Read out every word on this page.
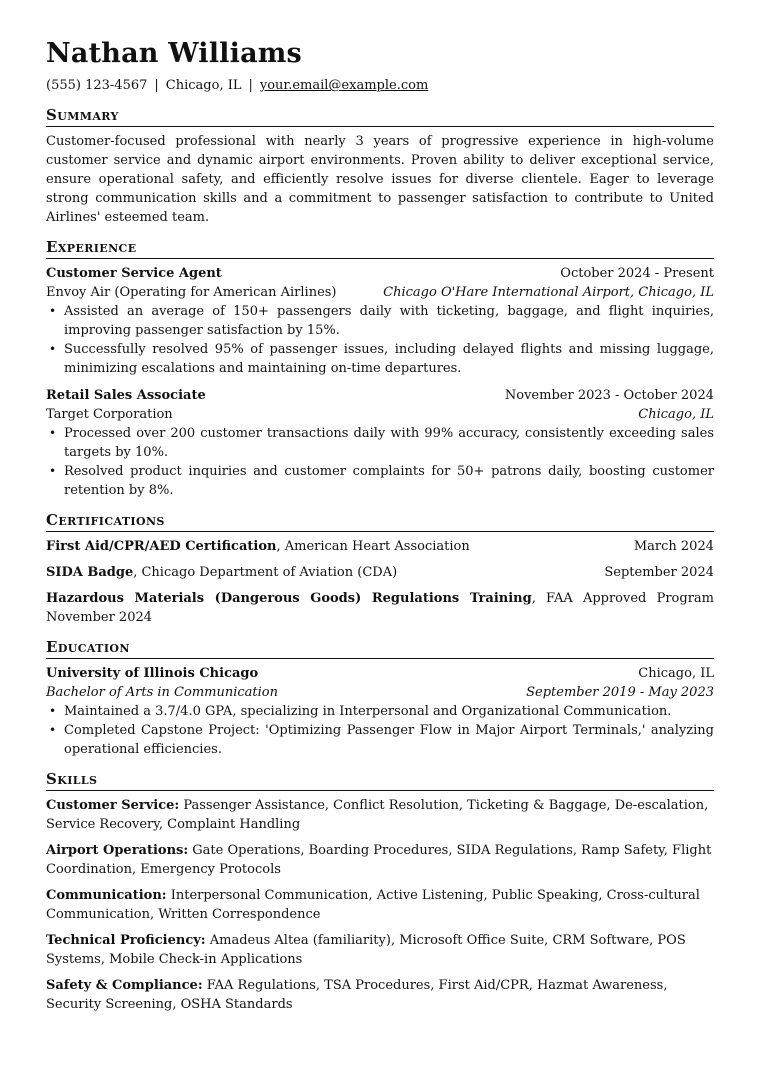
Nathan Williams
(555) 123-4567 | Chicago, IL | your.email@example.com
Summary

Customer-focused professional with nearly 3 years of progressive experience in high-volume customer service and dynamic airport environments. Proven ability to deliver exceptional service, ensure operational safety, and efficiently resolve issues for diverse clientele. Eager to leverage strong communication skills and a commitment to passenger satisfaction to contribute to United Airlines' esteemed team.

Experience
Customer Service Agent	October 2024 - Present
Envoy Air (Operating for American Airlines)	Chicago O'Hare International Airport, Chicago, IL
• Assisted an average of 150+ passengers daily with ticketing, baggage, and flight inquiries, improving passenger satisfaction by 15%.
• Successfully resolved 95% of passenger issues, including delayed flights and missing luggage, minimizing escalations and maintaining on-time departures.
Retail Sales Associate	November 2023 - October 2024
Target Corporation	Chicago, IL
• Processed over 200 customer transactions daily with 99% accuracy, consistently exceeding sales targets by 10%.
• Resolved product inquiries and customer complaints for 50+ patrons daily, boosting customer retention by 8%.
Certifications
First Aid/CPR/AED Certification, American Heart Association	March 2024
SIDA Badge, Chicago Department of Aviation (CDA)	September 2024
Hazardous Materials (Dangerous Goods) Regulations Training, FAA Approved Program November 2024
Education
University of Illinois Chicago	Chicago, IL
Bachelor of Arts in Communication	September 2019 - May 2023
• Maintained a 3.7/4.0 GPA, specializing in Interpersonal and Organizational Communication.
• Completed Capstone Project: 'Optimizing Passenger Flow in Major Airport Terminals,' analyzing operational efficiencies.
Skills
Customer Service: Passenger Assistance, Conflict Resolution, Ticketing & Baggage, De-escalation, Service Recovery, Complaint Handling
Airport Operations: Gate Operations, Boarding Procedures, SIDA Regulations, Ramp Safety, Flight Coordination, Emergency Protocols
Communication: Interpersonal Communication, Active Listening, Public Speaking, Cross-cultural Communication, Written Correspondence
Technical Proficiency: Amadeus Altea (familiarity), Microsoft Office Suite, CRM Software, POS Systems, Mobile Check-in Applications
Safety & Compliance: FAA Regulations, TSA Procedures, First Aid/CPR, Hazmat Awareness, Security Screening, OSHA Standards
